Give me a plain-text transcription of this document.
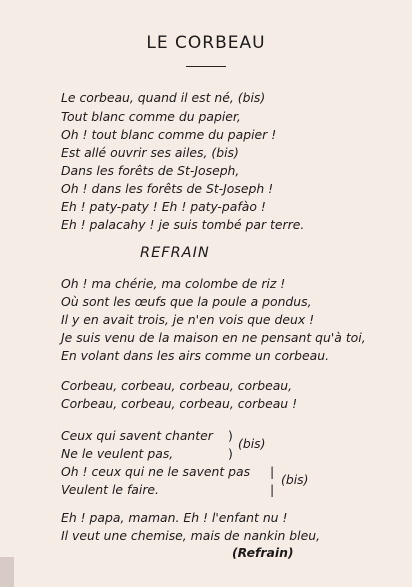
LE CORBEAU
Le corbeau, quand il est né, (bis)
Tout blanc comme du papier,
Oh ! tout blanc comme du papier !
Est allé ouvrir ses ailes, (bis)
Dans les forêts de St-Joseph,
Oh ! dans les forêts de St-Joseph !
Eh ! paty-paty ! Eh ! paty-pafào !
Eh ! palacahy ! je suis tombé par terre.
REFRAIN
Oh ! ma chérie, ma colombe de riz !
Où sont les œufs que la poule a pondus,
Il y en avait trois, je n'en vois que deux !
Je suis venu de la maison en ne pensant qu'à toi,
En volant dans les airs comme un corbeau.
Corbeau, corbeau, corbeau, corbeau,
Corbeau, corbeau, corbeau, corbeau !
Ceux qui savent chanter
Ne le veulent pas,
)
)
(bis)
Oh ! ceux qui ne le savent pas
Veulent le faire.
|
|
(bis)
Eh ! papa, maman. Eh ! l'enfant nu !
Il veut une chemise, mais de nankin bleu,
(Refrain)
